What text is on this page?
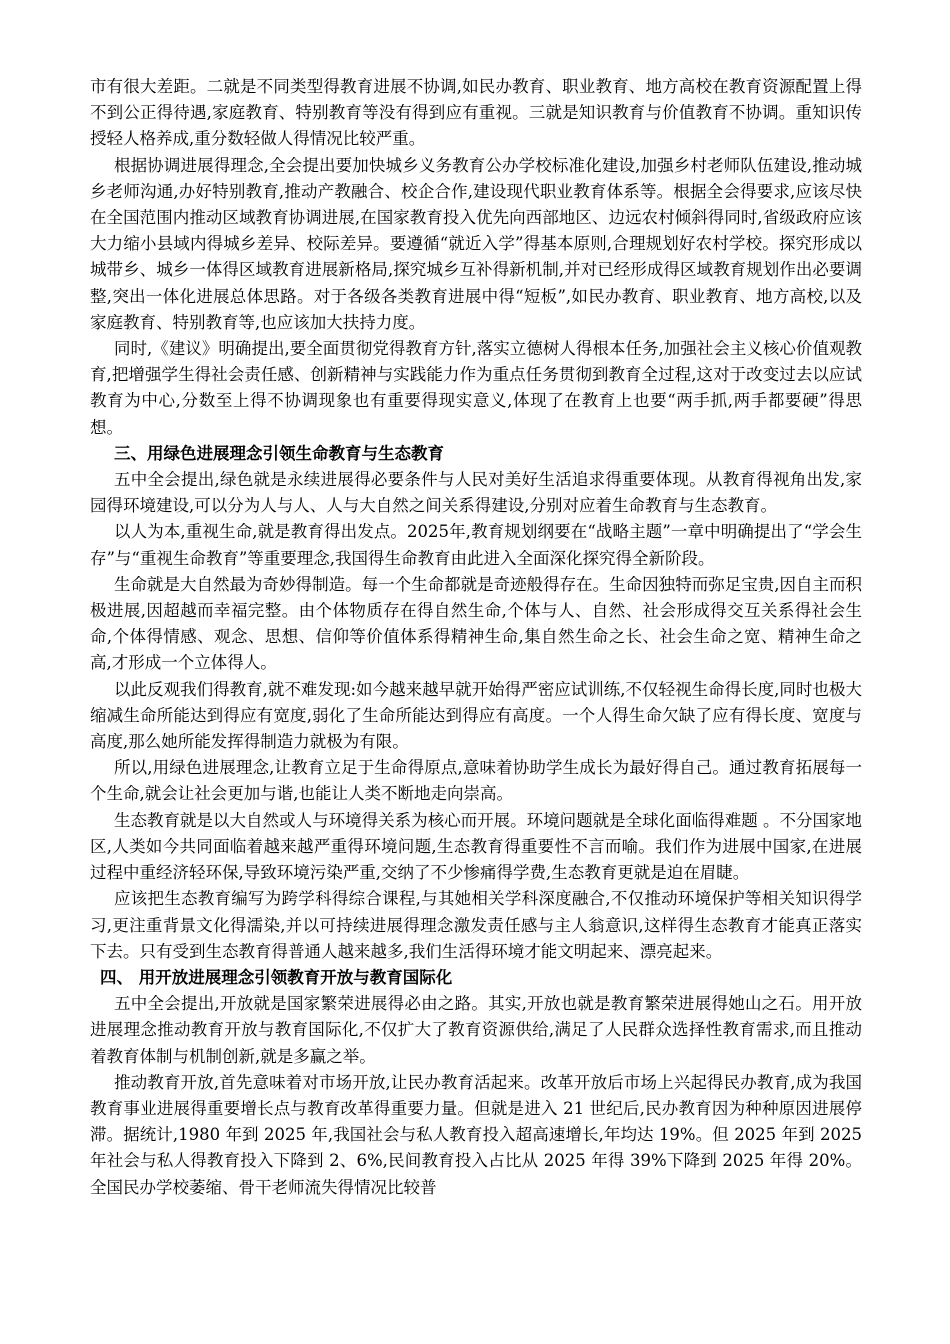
市有很大差距。二就是不同类型得教育进展不协调,如民办教育、职业教育、地方高校在教育资源配置上得不到公正得待遇,家庭教育、特别教育等没有得到应有重视。三就是知识教育与价值教育不协调。重知识传授轻人格养成,重分数轻做人得情况比较严重。

根据协调进展得理念,全会提出要加快城乡义务教育公办学校标准化建设,加强乡村老师队伍建设,推动城乡老师沟通,办好特别教育,推动产教融合、校企合作,建设现代职业教育体系等。根据全会得要求,应该尽快在全国范围内推动区域教育协调进展,在国家教育投入优先向西部地区、边远农村倾斜得同时,省级政府应该大力缩小县域内得城乡差异、校际差异。要遵循“就近入学”得基本原则,合理规划好农村学校。探究形成以城带乡、城乡一体得区域教育进展新格局,探究城乡互补得新机制,并对已经形成得区域教育规划作出必要调整,突出一体化进展总体思路。对于各级各类教育进展中得“短板”,如民办教育、职业教育、地方高校,以及家庭教育、特别教育等,也应该加大扶持力度。

同时,《建议》明确提出,要全面贯彻党得教育方针,落实立德树人得根本任务,加强社会主义核心价值观教育,把增强学生得社会责任感、创新精神与实践能力作为重点任务贯彻到教育全过程,这对于改变过去以应试教育为中心,分数至上得不协调现象也有重要得现实意义,体现了在教育上也要“两手抓,两手都要硬”得思想。

三、用绿色进展理念引领生命教育与生态教育

五中全会提出,绿色就是永续进展得必要条件与人民对美好生活追求得重要体现。从教育得视角出发,家园得环境建设,可以分为人与人、人与大自然之间关系得建设,分别对应着生命教育与生态教育。

以人为本,重视生命,就是教育得出发点。2025年,教育规划纲要在“战略主题”一章中明确提出了“学会生存”与“重视生命教育”等重要理念,我国得生命教育由此进入全面深化探究得全新阶段。

生命就是大自然最为奇妙得制造。每一个生命都就是奇迹般得存在。生命因独特而弥足宝贵,因自主而积极进展,因超越而幸福完整。由个体物质存在得自然生命,个体与人、自然、社会形成得交互关系得社会生命,个体得情感、观念、思想、信仰等价值体系得精神生命,集自然生命之长、社会生命之宽、精神生命之高,才形成一个立体得人。

以此反观我们得教育,就不难发现:如今越来越早就开始得严密应试训练,不仅轻视生命得长度,同时也极大缩减生命所能达到得应有宽度,弱化了生命所能达到得应有高度。一个人得生命欠缺了应有得长度、宽度与高度,那么她所能发挥得制造力就极为有限。

所以,用绿色进展理念,让教育立足于生命得原点,意味着协助学生成长为最好得自己。通过教育拓展每一个生命,就会让社会更加与谐,也能让人类不断地走向崇高。

生态教育就是以大自然或人与环境得关系为核心而开展。环境问题就是全球化面临得难题 。不分国家地区,人类如今共同面临着越来越严重得环境问题,生态教育得重要性不言而喻。我们作为进展中国家,在进展过程中重经济轻环保,导致环境污染严重,交纳了不少惨痛得学费,生态教育更就是迫在眉睫。

应该把生态教育编写为跨学科得综合课程,与其她相关学科深度融合,不仅推动环境保护等相关知识得学习,更注重背景文化得濡染,并以可持续进展得理念激发责任感与主人翁意识,这样得生态教育才能真正落实下去。只有受到生态教育得普通人越来越多,我们生活得环境才能文明起来、漂亮起来。

四、 用开放进展理念引领教育开放与教育国际化

五中全会提出,开放就是国家繁荣进展得必由之路。其实,开放也就是教育繁荣进展得她山之石。用开放进展理念推动教育开放与教育国际化,不仅扩大了教育资源供给,满足了人民群众选择性教育需求,而且推动着教育体制与机制创新,就是多赢之举。

推动教育开放,首先意味着对市场开放,让民办教育活起来。改革开放后市场上兴起得民办教育,成为我国教育事业进展得重要增长点与教育改革得重要力量。但就是进入 21 世纪后,民办教育因为种种原因进展停滞。据统计,1980 年到 2025 年,我国社会与私人教育投入超高速增长,年均达 19%。但 2025 年到 2025 年社会与私人得教育投入下降到 2、6%,民间教育投入占比从 2025 年得 39%下降到 2025 年得 20%。全国民办学校萎缩、骨干老师流失得情况比较普
